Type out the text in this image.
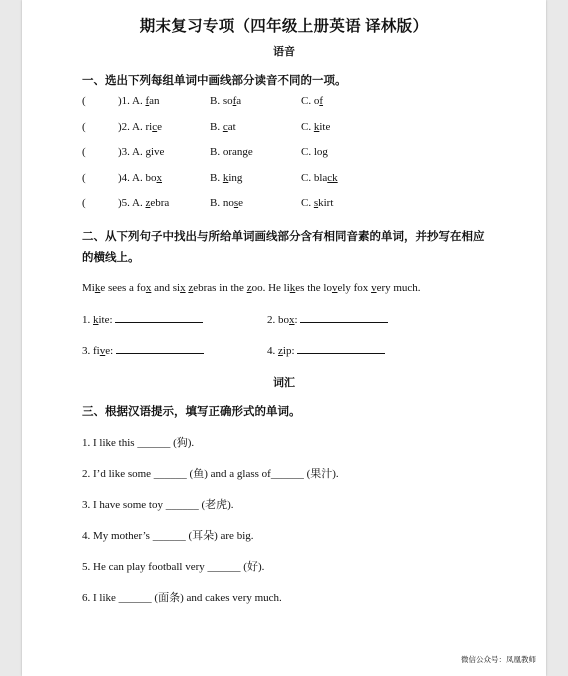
期末复习专项（四年级上册英语 译林版）
语音
一、选出下列每组单词中画线部分读音不同的一项。
(	)1. A. fan	B. sofa	C. of
(	)2. A. rice	B. cat	C. kite
(	)3. A. give	B. orange	C. log
(	)4. A. box	B. king	C. black
(	)5. A. zebra	B. nose	C. skirt
二、从下列句子中找出与所给单词画线部分含有相同音素的单词，并抄写在相应
的横线上。
Mike sees a fox and six zebras in the zoo. He likes the lovely fox very much.
1. kite:	2. box:
3. five:	4. zip:
词汇
三、根据汉语提示，填写正确形式的单词。
1. I like this ______ (狗).
2. I’d like some ______ (鱼) and a glass of______ (果汁).
3. I have some toy ______ (老虎).
4. My mother’s ______ (耳朵) are big.
5. He can play football very ______ (好).
6. I like ______ (面条) and cakes very much.
微信公众号：凤凰教师
